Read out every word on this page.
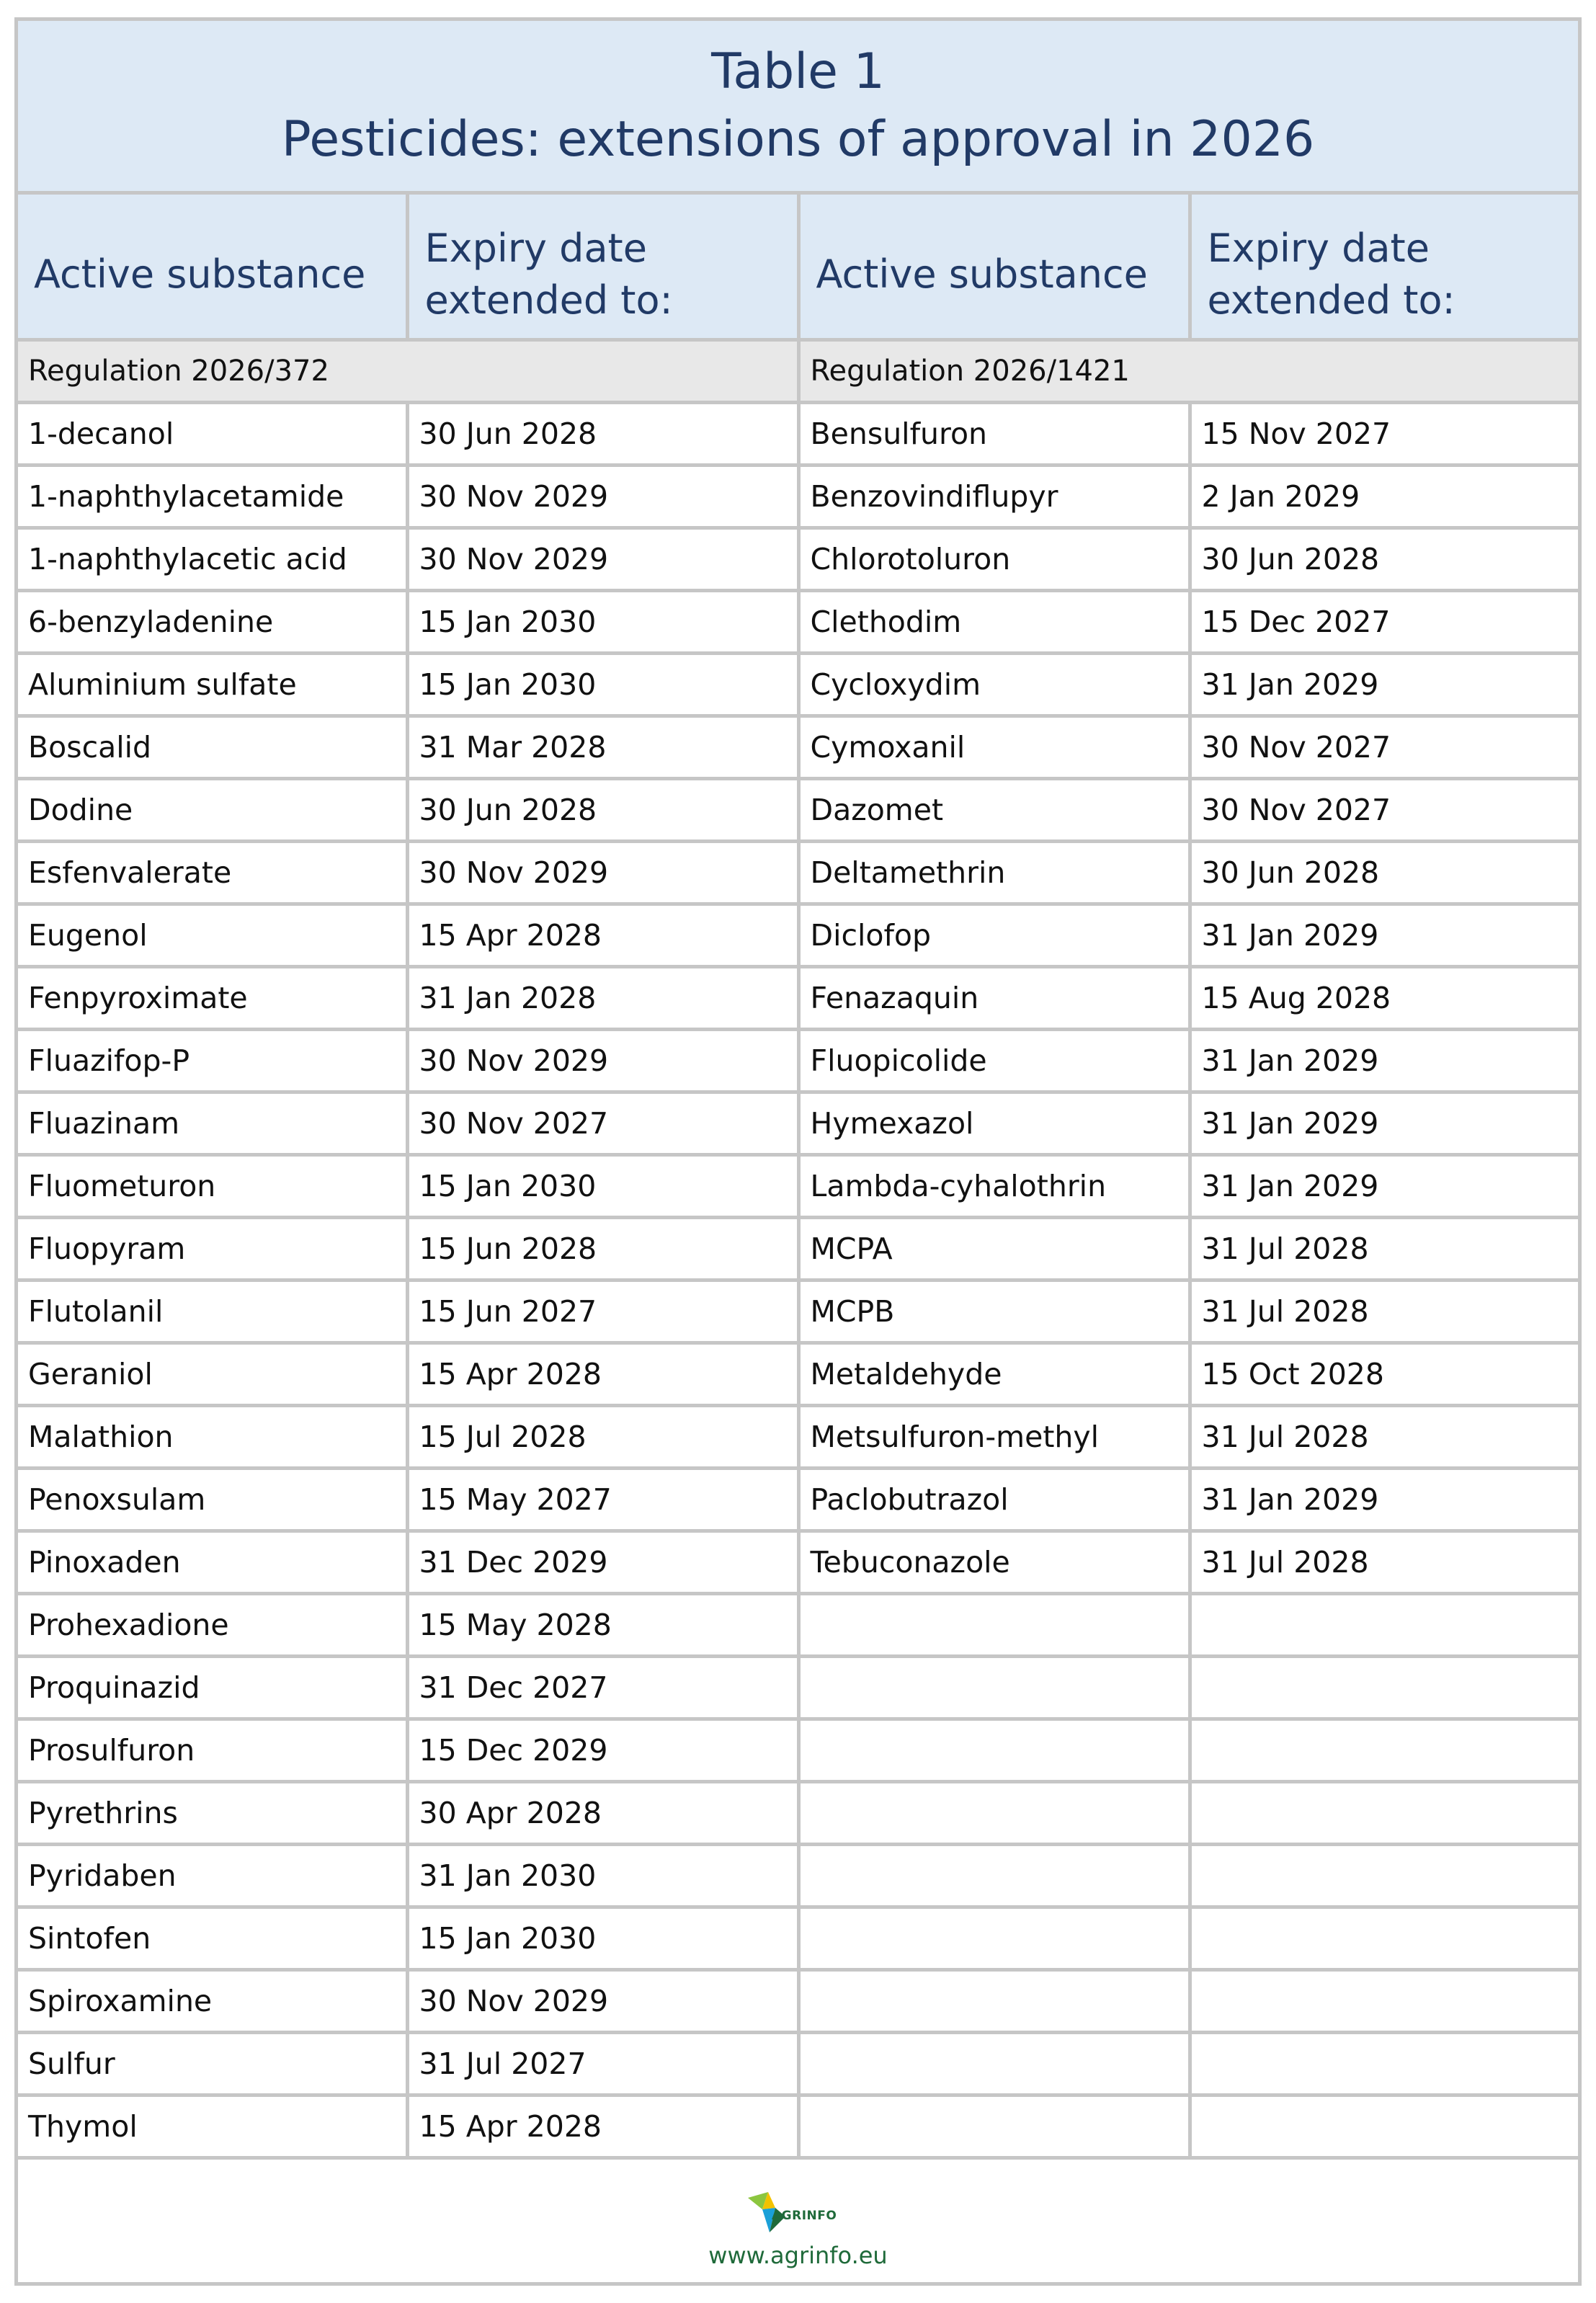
Table 1
Pesticides: extensions of approval in 2026
Active substance	Expiry date extended to:	Active substance	Expiry date extended to:
Regulation 2026/372		Regulation 2026/1421	
1-decanol	30 Jun 2028	Bensulfuron	15 Nov 2027
1-naphthylacetamide	30 Nov 2029	Benzovindiflupyr	2 Jan 2029
1-naphthylacetic acid	30 Nov 2029	Chlorotoluron	30 Jun 2028
6-benzyladenine	15 Jan 2030	Clethodim	15 Dec 2027
Aluminium sulfate	15 Jan 2030	Cycloxydim	31 Jan 2029
Boscalid	31 Mar 2028	Cymoxanil	30 Nov 2027
Dodine	30 Jun 2028	Dazomet	30 Nov 2027
Esfenvalerate	30 Nov 2029	Deltamethrin	30 Jun 2028
Eugenol	15 Apr 2028	Diclofop	31 Jan 2029
Fenpyroximate	31 Jan 2028	Fenazaquin	15 Aug 2028
Fluazifop-P	30 Nov 2029	Fluopicolide	31 Jan 2029
Fluazinam	30 Nov 2027	Hymexazol	31 Jan 2029
Fluometuron	15 Jan 2030	Lambda-cyhalothrin	31 Jan 2029
Fluopyram	15 Jun 2028	MCPA	31 Jul 2028
Flutolanil	15 Jun 2027	MCPB	31 Jul 2028
Geraniol	15 Apr 2028	Metaldehyde	15 Oct 2028
Malathion	15 Jul 2028	Metsulfuron-methyl	31 Jul 2028
Penoxsulam	15 May 2027	Paclobutrazol	31 Jan 2029
Pinoxaden	31 Dec 2029	Tebuconazole	31 Jul 2028
Prohexadione	15 May 2028		
Proquinazid	31 Dec 2027		
Prosulfuron	15 Dec 2029		
Pyrethrins	30 Apr 2028		
Pyridaben	31 Jan 2030		
Sintofen	15 Jan 2030		
Spiroxamine	30 Nov 2029		
Sulfur	31 Jul 2027		
Thymol	15 Apr 2028		
AGRINFO
www.agrinfo.eu
